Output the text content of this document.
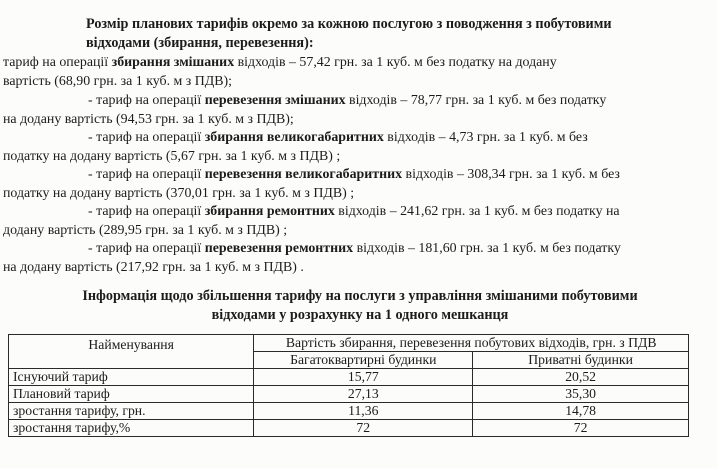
Розмір планових тарифів окремо за кожною послугою з поводження з побутовими
відходами (збирання, перевезення):

тариф на операції збирання змішаних відходів – 57,42 грн. за 1 куб. м без податку на додану

вартість (68,90 грн. за 1 куб. м з ПДВ);

- тариф на операції перевезення змішаних відходів – 78,77 грн. за 1 куб. м без податку

на додану вартість (94,53 грн. за 1 куб. м з ПДВ);

- тариф на операції збирання великогабаритних відходів – 4,73 грн. за 1 куб. м без

податку на додану вартість (5,67 грн. за 1 куб. м з ПДВ) ;

- тариф на операції перевезення великогабаритних відходів – 308,34 грн. за 1 куб. м без

податку на додану вартість (370,01 грн. за 1 куб. м з ПДВ) ;

- тариф на операції збирання ремонтних відходів – 241,62 грн. за 1 куб. м без податку на

додану вартість (289,95 грн. за 1 куб. м з ПДВ) ;

- тариф на операції перевезення ремонтних відходів – 181,60 грн. за 1 куб. м без податку

на додану вартість (217,92 грн. за 1 куб. м з ПДВ) .

Інформація щодо збільшення тарифу на послуги з управління змішаними побутовими
відходами у розрахунку на 1 одного мешканця

Найменування	Вартість збирання, перевезення побутових відходів, грн. з ПДВ	
	Багатоквартирні будинки	Приватні будинки
Існуючий тариф	15,77	20,52
Плановий тариф	27,13	35,30
зростання тарифу, грн.	11,36	14,78
зростання тарифу,%	72	72
